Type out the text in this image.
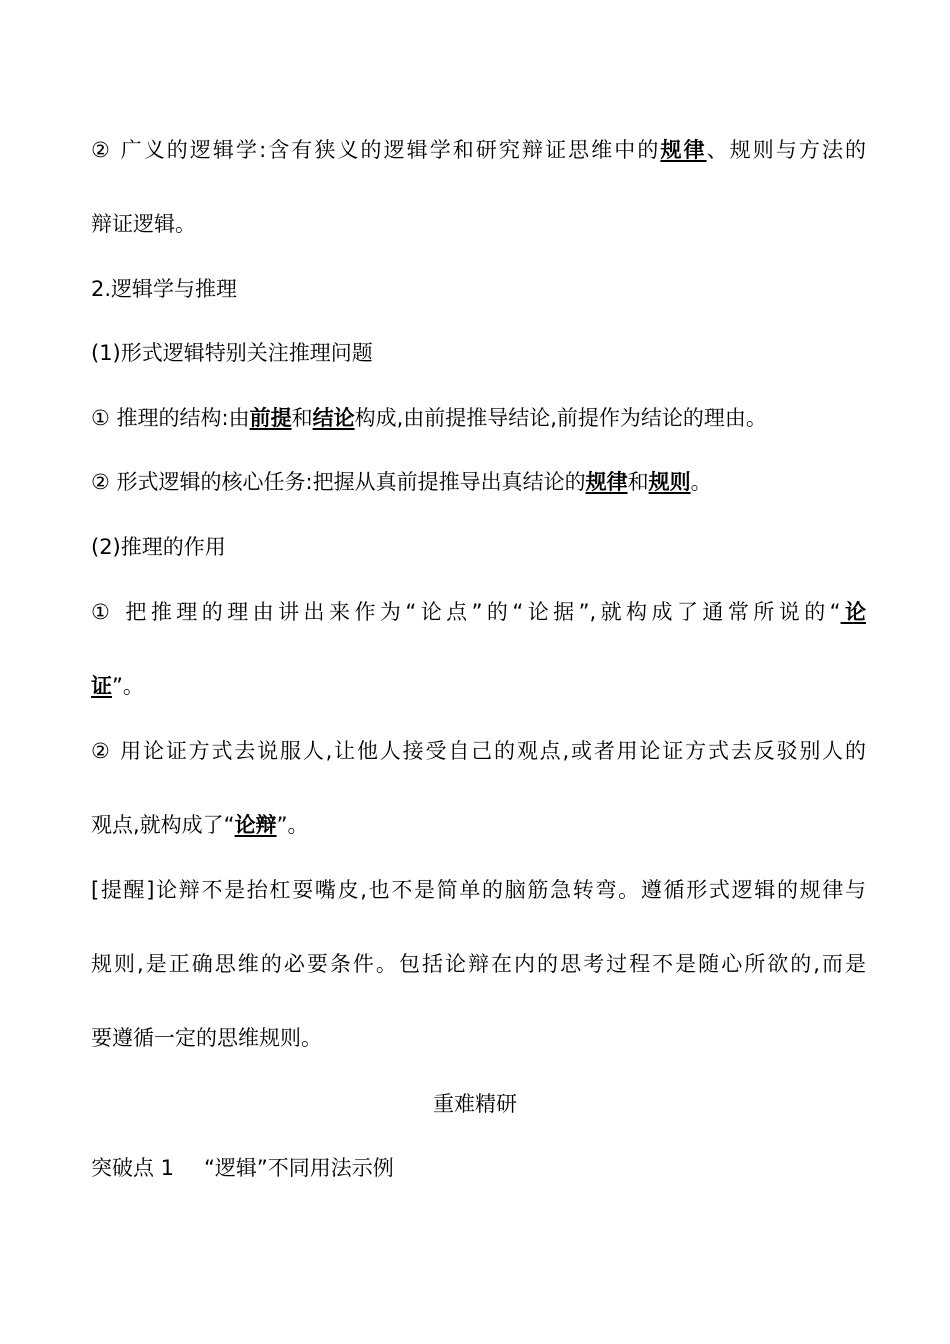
② 广义的逻辑学:含有狭义的逻辑学和研究辩证思维中的规律、规则与方法的
辩证逻辑。
2.逻辑学与推理
(1)形式逻辑特别关注推理问题
① 推理的结构:由前提和结论构成,由前提推导结论,前提作为结论的理由。
② 形式逻辑的核心任务:把握从真前提推导出真结论的规律和规则。
(2)推理的作用
① 把推理的理由讲出来作为“论点”的“论据”,就构成了通常所说的“论
证”。
② 用论证方式去说服人,让他人接受自己的观点,或者用论证方式去反驳别人的
观点,就构成了“论辩”。
[提醒]论辩不是抬杠耍嘴皮,也不是简单的脑筋急转弯。遵循形式逻辑的规律与
规则,是正确思维的必要条件。包括论辩在内的思考过程不是随心所欲的,而是
要遵循一定的思维规则。
重难精研
突破点 1 “逻辑”不同用法示例
